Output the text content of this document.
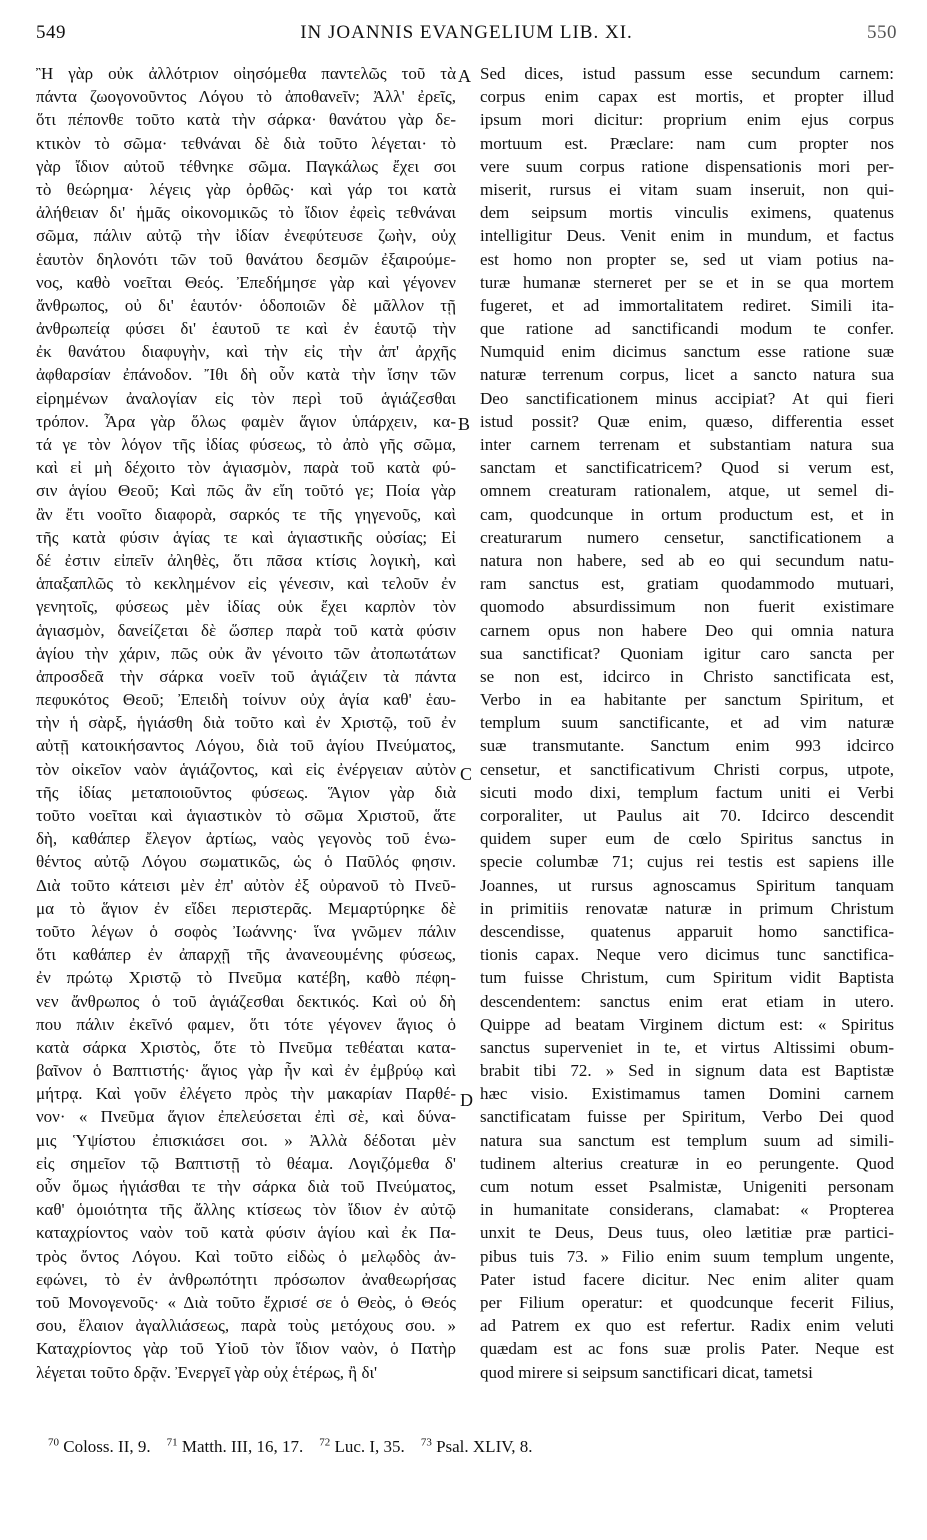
549	IN JOANNIS EVANGELIUM LIB. XI.	550
Ἢ γὰρ οὐκ ἀλλότριον οἰησόμεθα παντελῶς τοῦ τὰ
πάντα ζωογονοῦντος Λόγου τὸ ἀποθανεῖν; Ἀλλ' ἐρεῖς,
ὅτι πέπονθε τοῦτο κατὰ τὴν σάρκα· θανάτου γὰρ δε-
κτικὸν τὸ σῶμα· τεθνάναι δὲ διὰ τοῦτο λέγεται· τὸ
γὰρ ἴδιον αὐτοῦ τέθνηκε σῶμα. Παγκάλως ἔχει σοι
τὸ θεώρημα· λέγεις γὰρ ὀρθῶς· καὶ γάρ τοι κατὰ
ἀλήθειαν δι' ἡμᾶς οἰκονομικῶς τὸ ἴδιον ἐφεὶς τεθνάναι
σῶμα, πάλιν αὐτῷ τὴν ἰδίαν ἐνεφύτευσε ζωὴν, οὐχ
ἑαυτὸν δηλονότι τῶν τοῦ θανάτου δεσμῶν ἐξαιρούμε-
νος, καθὸ νοεῖται Θεός. Ἐπεδήμησε γὰρ καὶ γέγονεν
ἄνθρωπος, οὐ δι' ἑαυτόν· ὁδοποιῶν δὲ μᾶλλον τῇ
ἀνθρωπείᾳ φύσει δι' ἑαυτοῦ τε καὶ ἐν ἑαυτῷ τὴν
ἐκ θανάτου διαφυγὴν, καὶ τὴν εἰς τὴν ἀπ' ἀρχῆς
ἀφθαρσίαν ἐπάνοδον. Ἴθι δὴ οὖν κατὰ τὴν ἴσην τῶν
εἰρημένων ἀναλογίαν εἰς τὸν περὶ τοῦ ἁγιάζεσθαι
τρόπον. Ἆρα γὰρ ὅλως φαμὲν ἅγιον ὑπάρχειν, κα-
τά γε τὸν λόγον τῆς ἰδίας φύσεως, τὸ ἀπὸ γῆς σῶμα,
καὶ εἰ μὴ δέχοιτο τὸν ἁγιασμὸν, παρὰ τοῦ κατὰ φύ-
σιν ἁγίου Θεοῦ; Καὶ πῶς ἂν εἴη τοῦτό γε; Ποία γὰρ
ἂν ἔτι νοοῖτο διαφορὰ, σαρκός τε τῆς γηγενοῦς, καὶ
τῆς κατὰ φύσιν ἁγίας τε καὶ ἁγιαστικῆς οὐσίας; Εἰ
δέ ἐστιν εἰπεῖν ἀληθὲς, ὅτι πᾶσα κτίσις λογικὴ, καὶ
ἁπαξαπλῶς τὸ κεκλημένον εἰς γένεσιν, καὶ τελοῦν ἐν
γενητοῖς, φύσεως μὲν ἰδίας οὐκ ἔχει καρπὸν τὸν
ἁγιασμὸν, δανείζεται δὲ ὥσπερ παρὰ τοῦ κατὰ φύσιν
ἁγίου τὴν χάριν, πῶς οὐκ ἂν γένοιτο τῶν ἀτοπωτάτων
ἀπροσδεᾶ τὴν σάρκα νοεῖν τοῦ ἁγιάζειν τὰ πάντα
πεφυκότος Θεοῦ; Ἐπειδὴ τοίνυν οὐχ ἁγία καθ' ἑαυ-
τὴν ἡ σὰρξ, ἡγιάσθη διὰ τοῦτο καὶ ἐν Χριστῷ, τοῦ ἐν
αὐτῇ κατοικήσαντος Λόγου, διὰ τοῦ ἁγίου Πνεύματος,
τὸν οἰκεῖον ναὸν ἁγιάζοντος, καὶ εἰς ἐνέργειαν αὐτὸν
τῆς ἰδίας μεταποιοῦντος φύσεως. Ἅγιον γὰρ διὰ
τοῦτο νοεῖται καὶ ἁγιαστικὸν τὸ σῶμα Χριστοῦ, ἅτε
δὴ, καθάπερ ἔλεγον ἀρτίως, ναὸς γεγονὸς τοῦ ἑνω-
θέντος αὐτῷ Λόγου σωματικῶς, ὡς ὁ Παῦλός φησιν.
Διὰ τοῦτο κάτεισι μὲν ἐπ' αὐτὸν ἐξ οὐρανοῦ τὸ Πνεῦ-
μα τὸ ἅγιον ἐν εἴδει περιστερᾶς. Μεμαρτύρηκε δὲ
τοῦτο λέγων ὁ σοφὸς Ἰωάννης· ἵνα γνῶμεν πάλιν
ὅτι καθάπερ ἐν ἀπαρχῇ τῆς ἀνανεουμένης φύσεως,
ἐν πρώτῳ Χριστῷ τὸ Πνεῦμα κατέβη, καθὸ πέφη-
νεν ἄνθρωπος ὁ τοῦ ἁγιάζεσθαι δεκτικός. Καὶ οὐ δὴ
που πάλιν ἐκεῖνό φαμεν, ὅτι τότε γέγονεν ἅγιος ὁ
κατὰ σάρκα Χριστὸς, ὅτε τὸ Πνεῦμα τεθέαται κατα-
βαῖνον ὁ Βαπτιστής· ἅγιος γὰρ ἦν καὶ ἐν ἐμβρύῳ καὶ
μήτρᾳ. Καὶ γοῦν ἐλέγετο πρὸς τὴν μακαρίαν Παρθέ-
νον· « Πνεῦμα ἅγιον ἐπελεύσεται ἐπὶ σὲ, καὶ δύνα-
μις Ὑψίστου ἐπισκιάσει σοι. » Ἀλλὰ δέδοται μὲν
εἰς σημεῖον τῷ Βαπτιστῇ τὸ θέαμα. Λογιζόμεθα δ'
οὖν ὅμως ἡγιάσθαι τε τὴν σάρκα διὰ τοῦ Πνεύματος,
καθ' ὁμοιότητα τῆς ἄλλης κτίσεως τὸν ἴδιον ἐν αὐτῷ
καταχρίοντος ναὸν τοῦ κατὰ φύσιν ἁγίου καὶ ἐκ Πα-
τρὸς ὄντος Λόγου. Καὶ τοῦτο εἰδὼς ὁ μελῳδὸς ἀν-
εφώνει, τὸ ἐν ἀνθρωπότητι πρόσωπον ἀναθεωρήσας
τοῦ Μονογενοῦς· « Διὰ τοῦτο ἔχρισέ σε ὁ Θεὸς, ὁ Θεός
σου, ἔλαιον ἀγαλλιάσεως, παρὰ τοὺς μετόχους σου. »
Καταχρίοντος γὰρ τοῦ Υἱοῦ τὸν ἴδιον ναὸν, ὁ Πατὴρ
λέγεται τοῦτο δρᾷν. Ἐνεργεῖ γὰρ οὐχ ἑτέρως, ἢ δι'
Sed dices, istud passum esse secundum carnem:
corpus enim capax est mortis, et propter illud
ipsum mori dicitur: proprium enim ejus corpus
mortuum est. Præclare: nam cum propter nos
vere suum corpus ratione dispensationis mori per-
miserit, rursus ei vitam suam inseruit, non qui-
dem seipsum mortis vinculis eximens, quatenus
intelligitur Deus. Venit enim in mundum, et factus
est homo non propter se, sed ut viam potius na-
turæ humanæ sterneret per se et in se qua mortem
fugeret, et ad immortalitatem rediret. Simili ita-
que ratione ad sanctificandi modum te confer.
Numquid enim dicimus sanctum esse ratione suæ
naturæ terrenum corpus, licet a sancto natura sua
Deo sanctificationem minus accipiat? At qui fieri
istud possit? Quæ enim, quæso, differentia esset
inter carnem terrenam et substantiam natura sua
sanctam et sanctificatricem? Quod si verum est,
omnem creaturam rationalem, atque, ut semel di-
cam, quodcunque in ortum productum est, et in
creaturarum numero censetur, sanctificationem a
natura non habere, sed ab eo qui secundum natu-
ram sanctus est, gratiam quodammodo mutuari,
quomodo absurdissimum non fuerit existimare
carnem opus non habere Deo qui omnia natura
sua sanctificat? Quoniam igitur caro sancta per
se non est, idcirco in Christo sanctificata est,
Verbo in ea habitante per sanctum Spiritum, et
templum suum sanctificante, et ad vim naturæ
suæ transmutante. Sanctum enim 993 idcirco
censetur, et sanctificativum Christi corpus, utpote,
sicuti modo dixi, templum factum uniti ei Verbi
corporaliter, ut Paulus ait 70. Idcirco descendit
quidem super eum de cœlo Spiritus sanctus in
specie columbæ 71; cujus rei testis est sapiens ille
Joannes, ut rursus agnoscamus Spiritum tanquam
in primitiis renovatæ naturæ in primum Christum
descendisse, quatenus apparuit homo sanctifica-
tionis capax. Neque vero dicimus tunc sanctifica-
tum fuisse Christum, cum Spiritum vidit Baptista
descendentem: sanctus enim erat etiam in utero.
Quippe ad beatam Virginem dictum est: « Spiritus
sanctus superveniet in te, et virtus Altissimi obum-
brabit tibi 72. » Sed in signum data est Baptistæ
hæc visio. Existimamus tamen Domini carnem
sanctificatam fuisse per Spiritum, Verbo Dei quod
natura sua sanctum est templum suum ad simili-
tudinem alterius creaturæ in eo perungente. Quod
cum notum esset Psalmistæ, Unigeniti personam
in humanitate considerans, clamabat: « Propterea
unxit te Deus, Deus tuus, oleo lætitiæ præ partici-
pibus tuis 73. » Filio enim suum templum ungente,
Pater istud facere dicitur. Nec enim aliter quam
per Filium operatur: et quodcunque fecerit Filius,
ad Patrem ex quo est refertur. Radix enim veluti
quædam est ac fons suæ prolis Pater. Neque est
quod mirere si seipsum sanctificari dicat, tametsi
A
B
C
D
$^{70}$ Coloss. II, 9. $^{71}$ Matth. III, 16, 17. $^{72}$ Luc. I, 35. $^{73}$ Psal. XLIV, 8.
